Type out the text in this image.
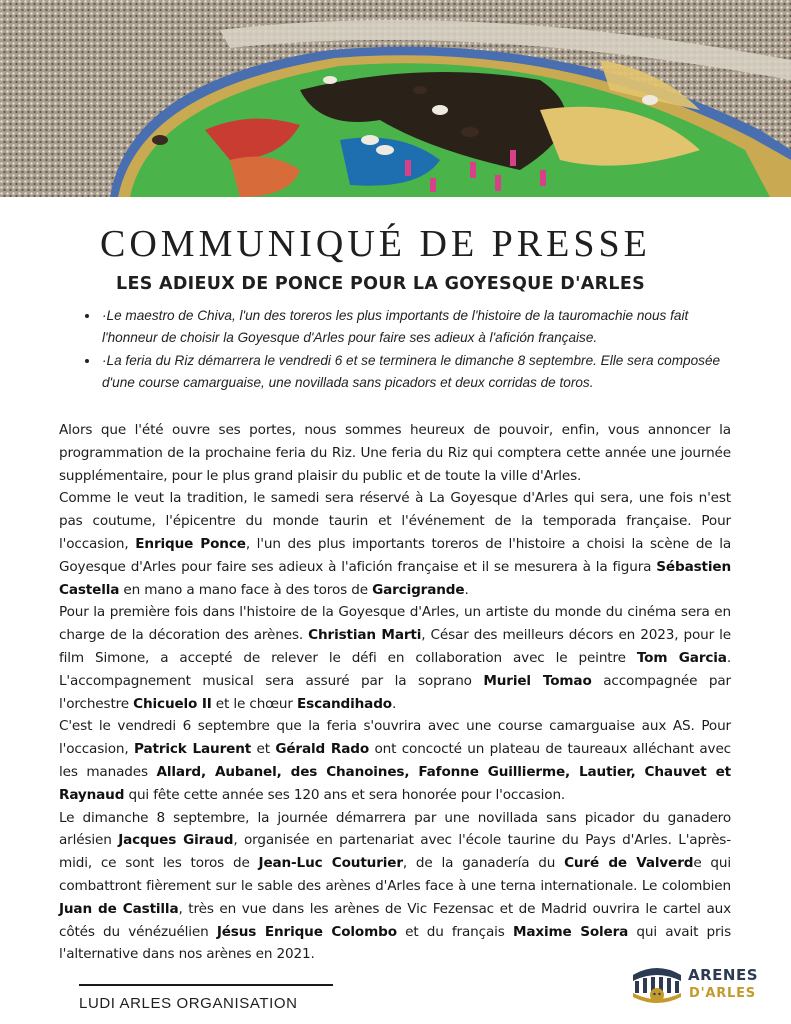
COMMUNIQUÉ DE PRESSE
LES ADIEUX DE PONCE POUR LA GOYESQUE D'ARLES
• ·Le maestro de Chiva, l'un des toreros les plus importants de l'histoire de la tauromachie nous fait l'honneur de choisir la Goyesque d'Arles pour faire ses adieux à l'afición française.
• ·La feria du Riz démarrera le vendredi 6 et se terminera le dimanche 8 septembre. Elle sera composée d'une course camarguaise, une novillada sans picadors et deux corridas de toros.

Alors que l'été ouvre ses portes, nous sommes heureux de pouvoir, enfin, vous annoncer la programmation de la prochaine feria du Riz. Une feria du Riz qui comptera cette année une journée supplémentaire, pour le plus grand plaisir du public et de toute la ville d'Arles.

Comme le veut la tradition, le samedi sera réservé à La Goyesque d'Arles qui sera, une fois n'est pas coutume, l'épicentre du monde taurin et l'événement de la temporada française. Pour l'occasion, Enrique Ponce, l'un des plus importants toreros de l'histoire a choisi la scène de la Goyesque d'Arles pour faire ses adieux à l'afición française et il se mesurera à la figura Sébastien Castella en mano a mano face à des toros de Garcigrande.

Pour la première fois dans l'histoire de la Goyesque d'Arles, un artiste du monde du cinéma sera en charge de la décoration des arènes. Christian Marti, César des meilleurs décors en 2023, pour le film Simone, a accepté de relever le défi en collaboration avec le peintre Tom Garcia. L'accompagnement musical sera assuré par la soprano Muriel Tomao accompagnée par l'orchestre Chicuelo II et le chœur Escandihado.

C'est le vendredi 6 septembre que la feria s'ouvrira avec une course camarguaise aux AS. Pour l'occasion, Patrick Laurent et Gérald Rado ont concocté un plateau de taureaux alléchant avec les manades Allard, Aubanel, des Chanoines, Fafonne Guillierme, Lautier, Chauvet et Raynaud qui fête cette année ses 120 ans et sera honorée pour l'occasion.

Le dimanche 8 septembre, la journée démarrera par une novillada sans picador du ganadero arlésien Jacques Giraud, organisée en partenariat avec l'école taurine du Pays d'Arles. L'après-midi, ce sont les toros de Jean-Luc Couturier, de la ganadería du Curé de Valverde qui combattront fièrement sur le sable des arènes d'Arles face à une terna internationale. Le colombien Juan de Castilla, très en vue dans les arènes de Vic Fezensac et de Madrid ouvrira le cartel aux côtés du vénézuélien Jésus Enrique Colombo et du français Maxime Solera qui avait pris l'alternative dans nos arènes en 2021.

LUDI ARLES ORGANISATION
ARENES
D'ARLES
